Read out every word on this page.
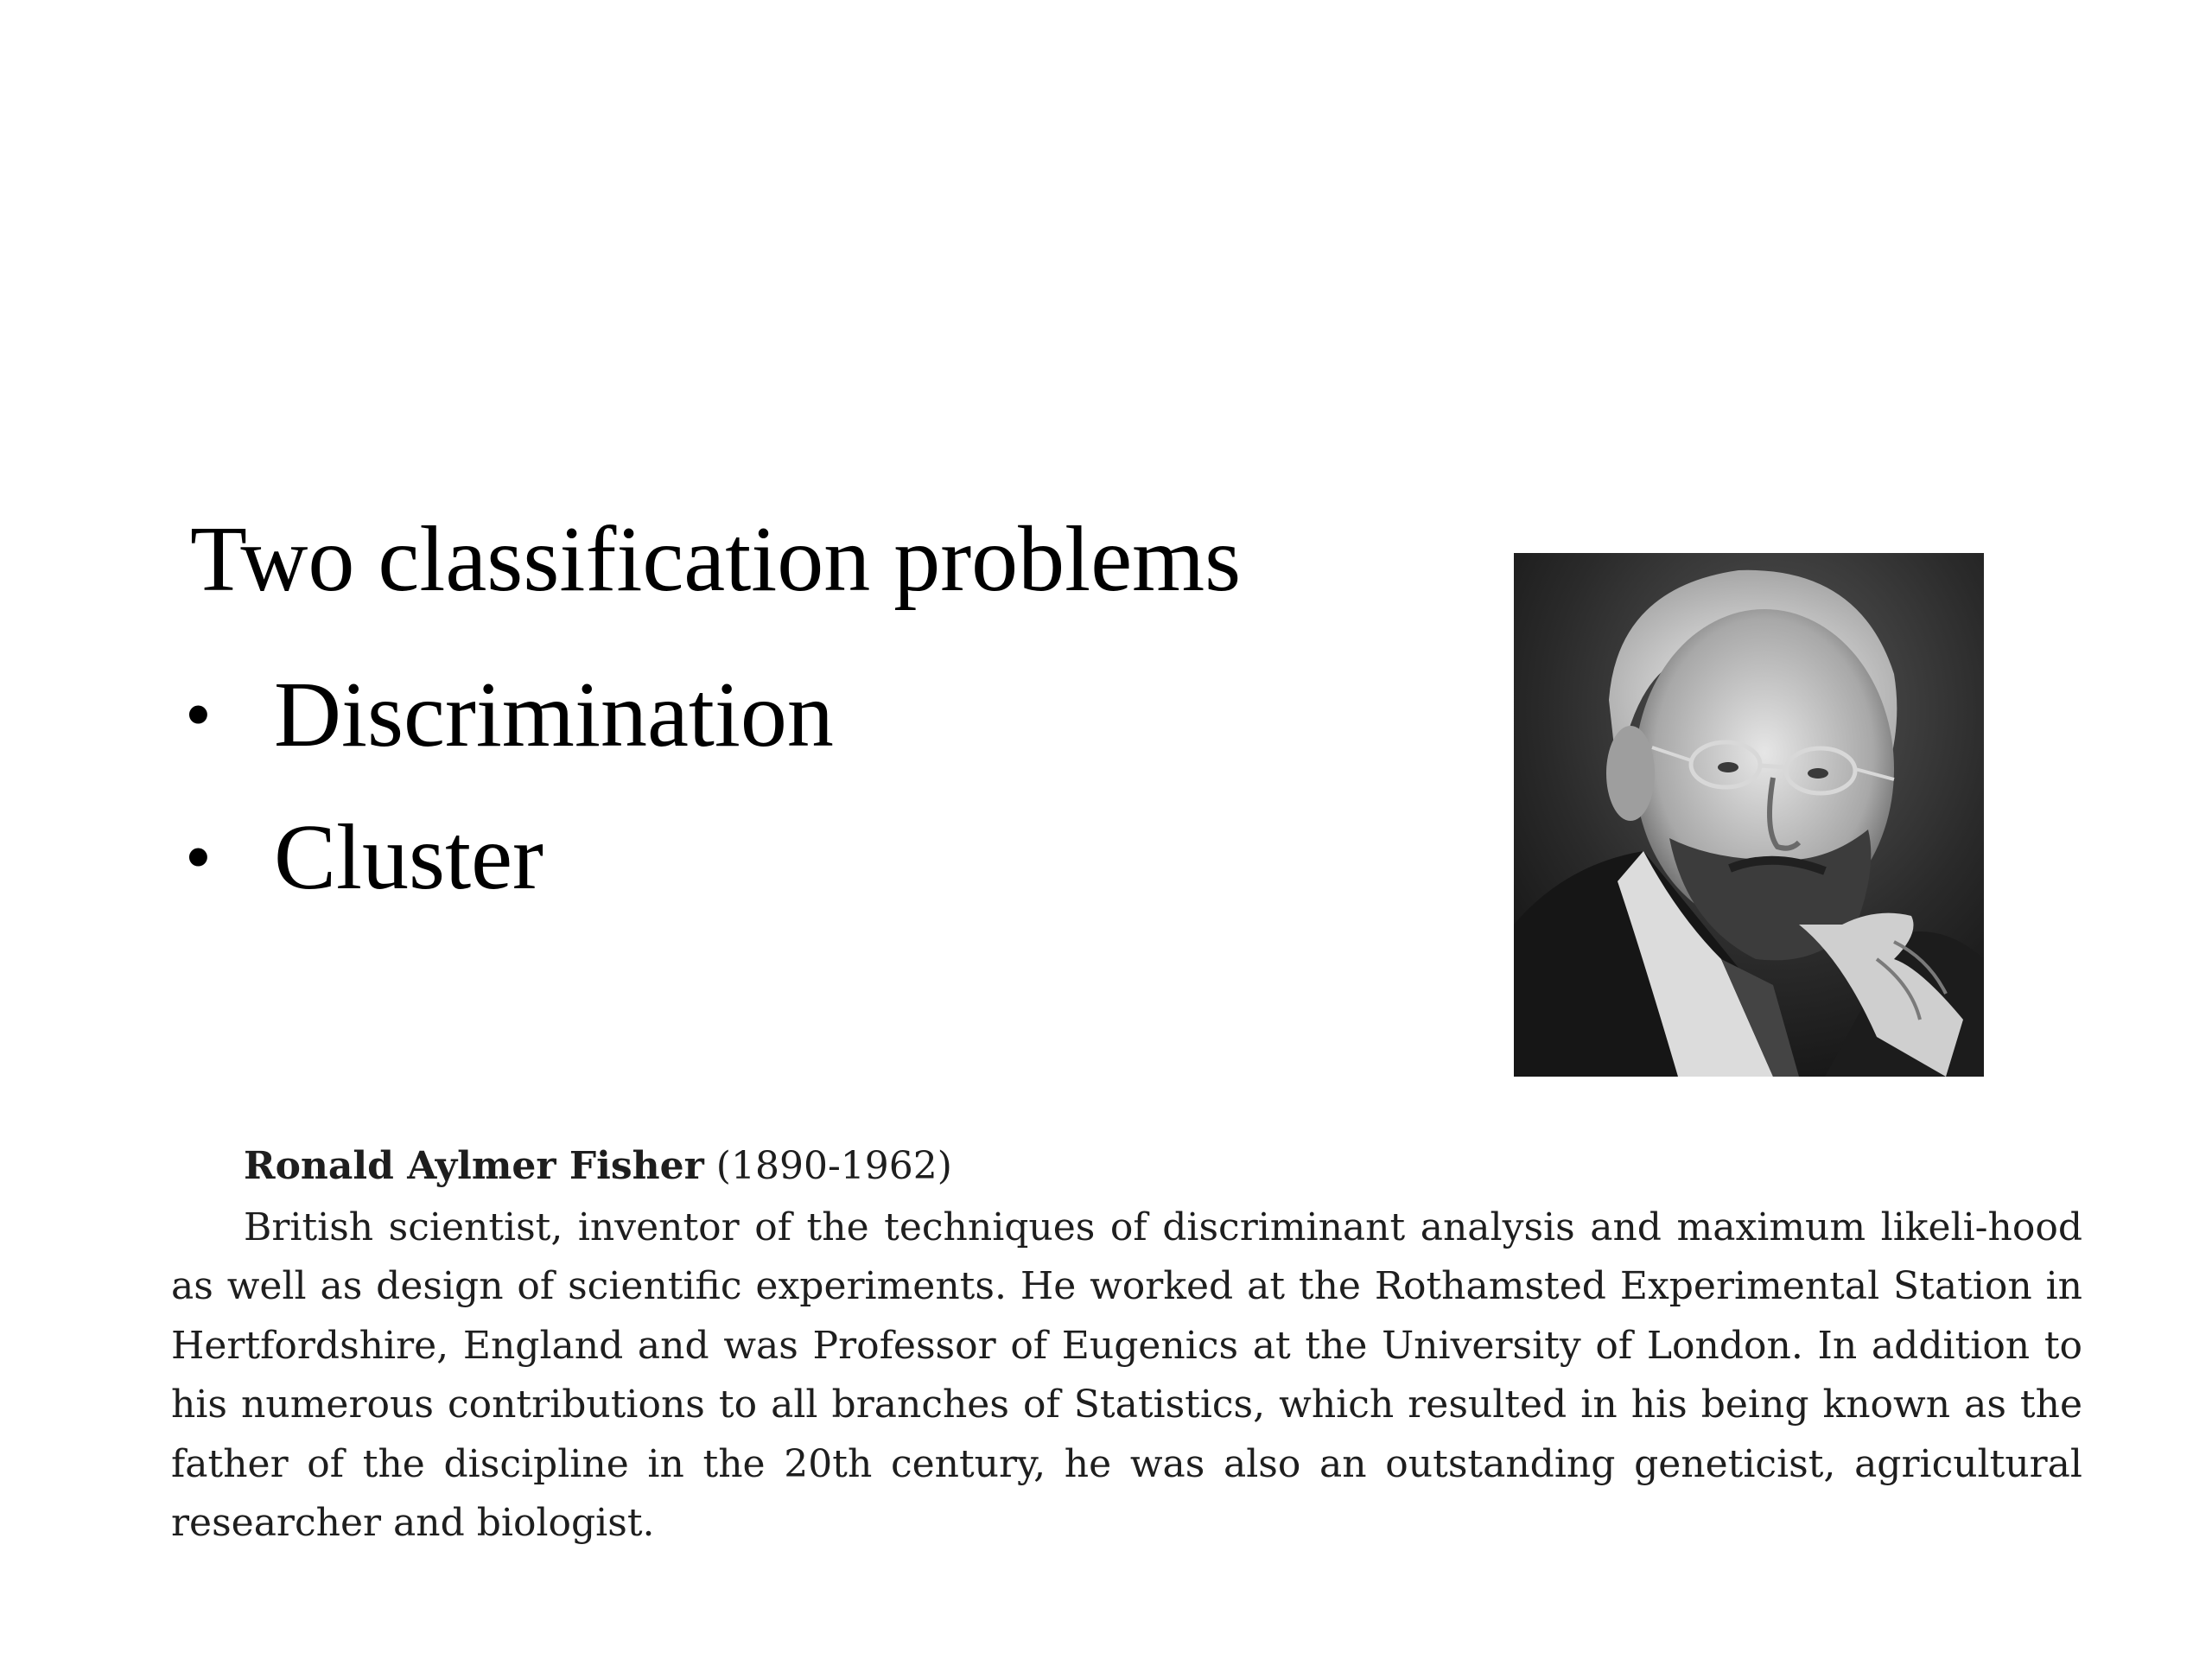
Two classification problems
• Discrimination
• Cluster
Ronald Aylmer Fisher (1890-1962)

British scientist, inventor of the techniques of discriminant analysis and maximum likeli-hood as well as design of scientific experiments. He worked at the Rothamsted Experimental Station in Hertfordshire, England and was Professor of Eugenics at the University of London. In addition to his numerous contributions to all branches of Statistics, which resulted in his being known as the father of the discipline in the 20th century, he was also an outstanding geneticist, agricultural researcher and biologist.
